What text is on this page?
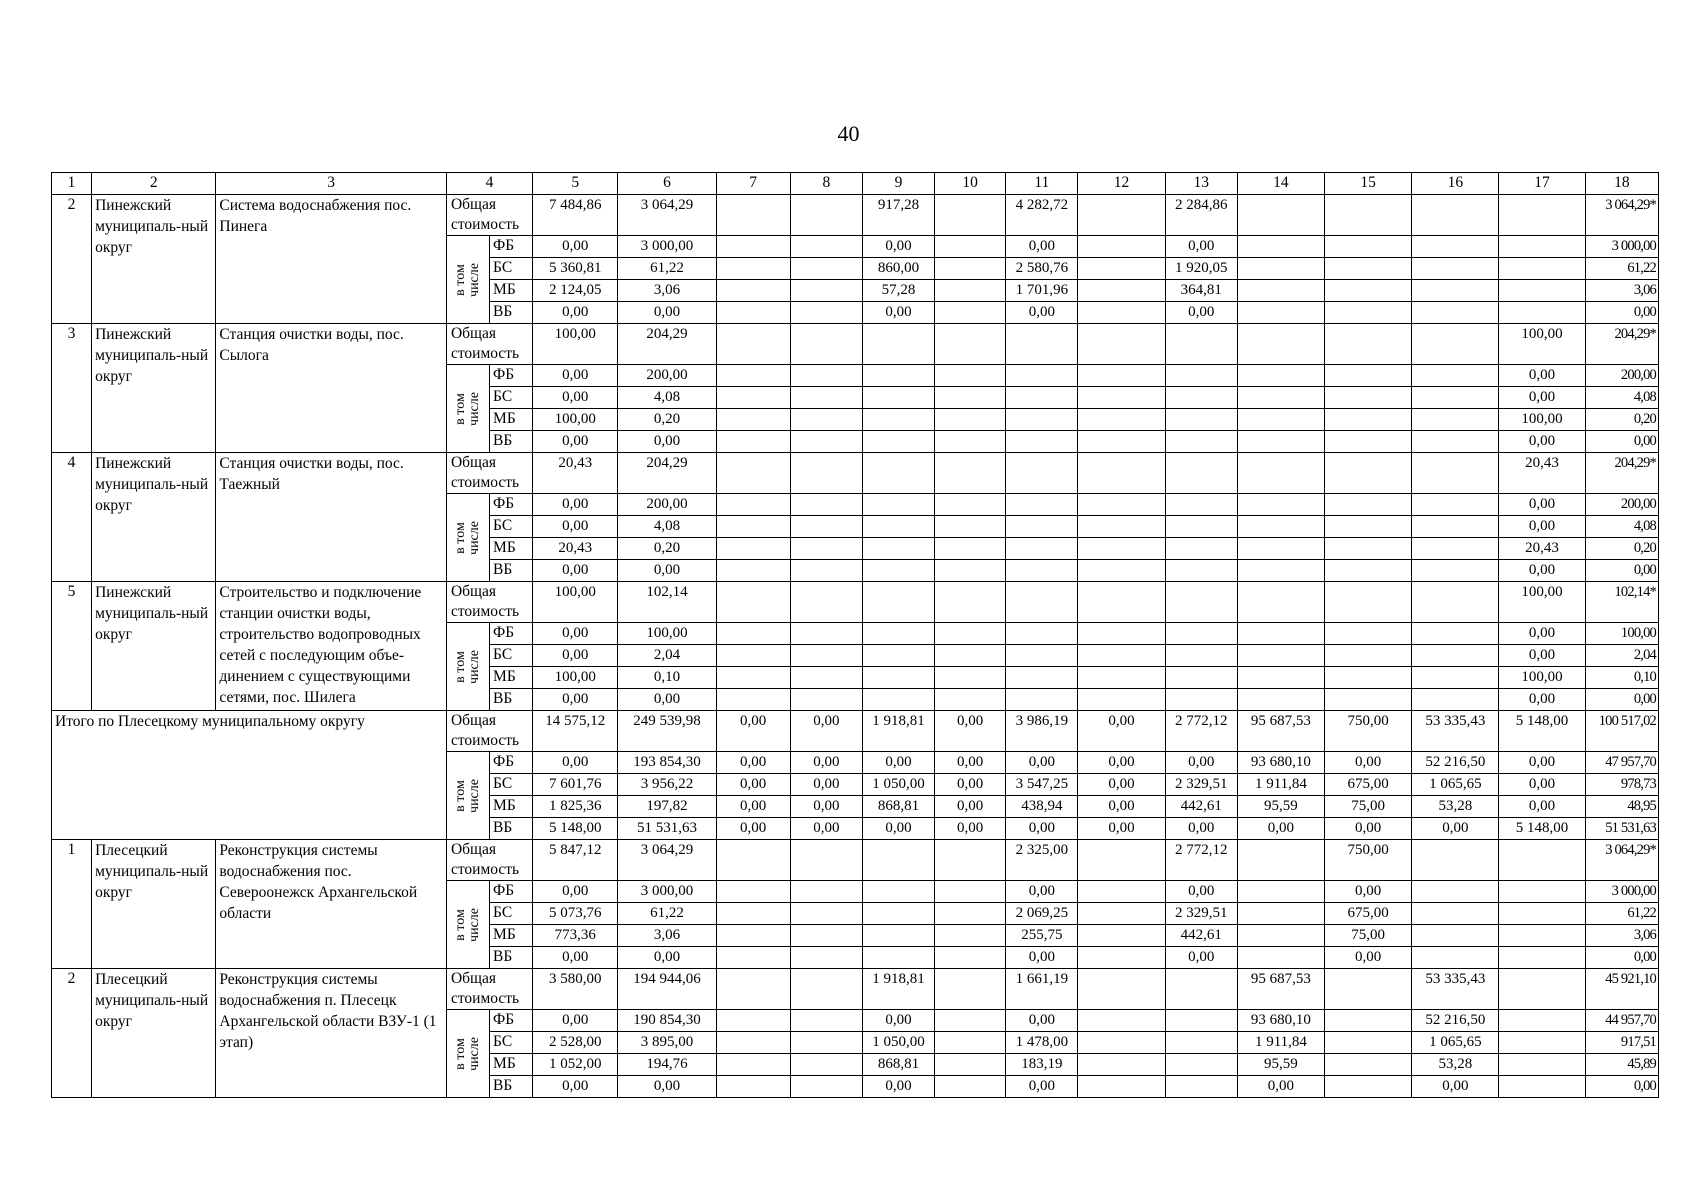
40
1	2	3	4		5	6	7	8	9	10	11	12	13	14	15	16	17	18
2	Пинежский муниципаль-ный округ	Система водоснабжения пос. Пинега	Общая
стоимость		7 484,86	3 064,29			917,28		4 282,72		2 284,86					3 064,29*

			в том числе	ФБ	0,00	3 000,00			0,00		0,00		0,00					3 000,00
				БС	5 360,81	61,22			860,00		2 580,76		1 920,05					61,22
				МБ	2 124,05	3,06			57,28		1 701,96		364,81					3,06
				ВБ	0,00	0,00			0,00		0,00		0,00					0,00
3	Пинежский муниципаль-ный округ	Станция очистки воды, пос. Сылога	Общая
стоимость		100,00	204,29											100,00	204,29*

			в том числе	ФБ	0,00	200,00											0,00	200,00
				БС	0,00	4,08											0,00	4,08
				МБ	100,00	0,20											100,00	0,20
				ВБ	0,00	0,00											0,00	0,00
4	Пинежский муниципаль-ный округ	Станция очистки воды, пос. Таежный	Общая
стоимость		20,43	204,29											20,43	204,29*

			в том числе	ФБ	0,00	200,00											0,00	200,00
				БС	0,00	4,08											0,00	4,08
				МБ	20,43	0,20											20,43	0,20
				ВБ	0,00	0,00											0,00	0,00
5	Пинежский муниципаль-ный округ	Строительство и подключение станции очистки воды, строительство водопроводных сетей с последующим объе-динением с существующими сетями, пос. Шилега	Общая
стоимость		100,00	102,14											100,00	102,14*

			в том числе	ФБ	0,00	100,00											0,00	100,00
				БС	0,00	2,04											0,00	2,04
				МБ	100,00	0,10											100,00	0,10
				ВБ	0,00	0,00											0,00	0,00
Итого по Плесецкому муниципальному округу			Общая
стоимость		14 575,12	249 539,98	0,00	0,00	1 918,81	0,00	3 986,19	0,00	2 772,12	95 687,53	750,00	53 335,43	5 148,00	100 517,02

			в том числе	ФБ	0,00	193 854,30	0,00	0,00	0,00	0,00	0,00	0,00	0,00	93 680,10	0,00	52 216,50	0,00	47 957,70
				БС	7 601,76	3 956,22	0,00	0,00	1 050,00	0,00	3 547,25	0,00	2 329,51	1 911,84	675,00	1 065,65	0,00	978,73
				МБ	1 825,36	197,82	0,00	0,00	868,81	0,00	438,94	0,00	442,61	95,59	75,00	53,28	0,00	48,95
				ВБ	5 148,00	51 531,63	0,00	0,00	0,00	0,00	0,00	0,00	0,00	0,00	0,00	0,00	5 148,00	51 531,63
1	Плесецкий муниципаль-ный округ	Реконструкция системы водоснабжения пос. Североонежск Архангельской области	Общая
стоимость		5 847,12	3 064,29					2 325,00		2 772,12		750,00			3 064,29*

			в том числе	ФБ	0,00	3 000,00					0,00		0,00		0,00			3 000,00
				БС	5 073,76	61,22					2 069,25		2 329,51		675,00			61,22
				МБ	773,36	3,06					255,75		442,61		75,00			3,06
				ВБ	0,00	0,00					0,00		0,00		0,00			0,00
2	Плесецкий муниципаль-ный округ	Реконструкция системы водоснабжения п. Плесецк Архангельской области ВЗУ-1 (1 этап)	Общая
стоимость		3 580,00	194 944,06			1 918,81		1 661,19			95 687,53		53 335,43		45 921,10

			в том числе	ФБ	0,00	190 854,30			0,00		0,00			93 680,10		52 216,50		44 957,70
				БС	2 528,00	3 895,00			1 050,00		1 478,00			1 911,84		1 065,65		917,51
				МБ	1 052,00	194,76			868,81		183,19			95,59		53,28		45,89
				ВБ	0,00	0,00			0,00		0,00			0,00		0,00		0,00
